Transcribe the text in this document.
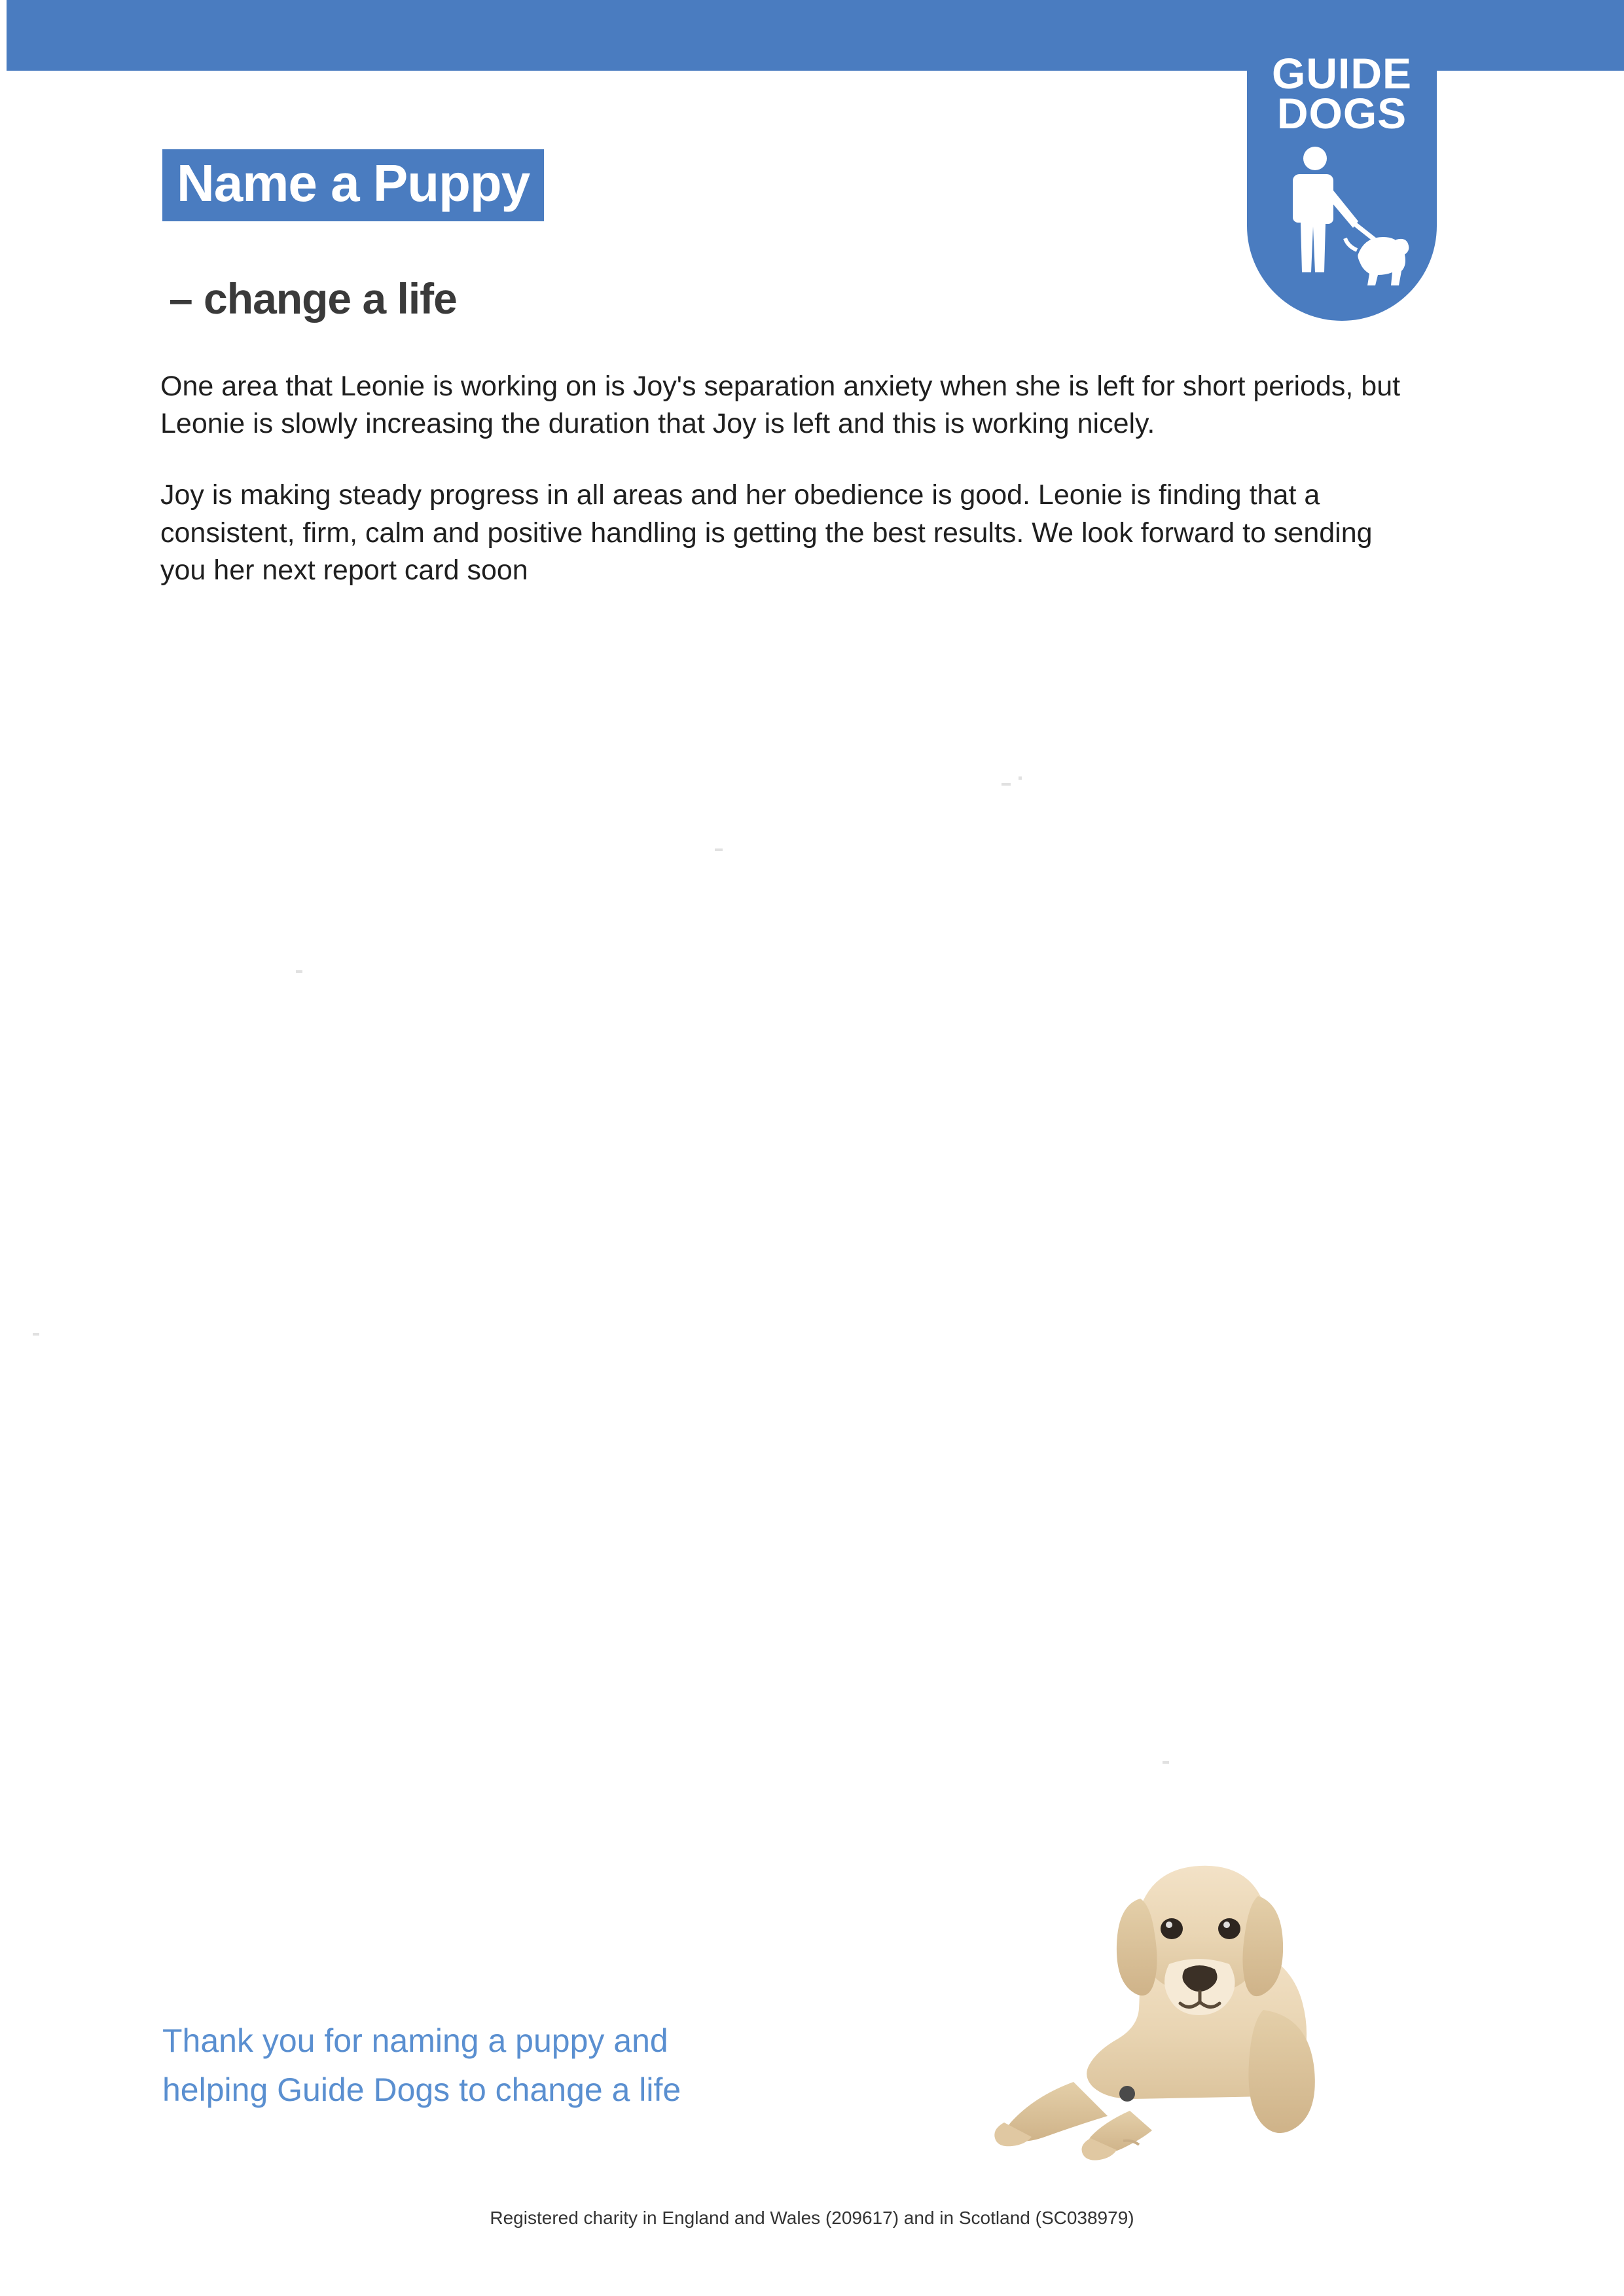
GUIDE
DOGS
Name a Puppy
– change a life

One area that Leonie is working on is Joy's separation anxiety when she is left for short periods, but Leonie is slowly increasing the duration that Joy is left and this is working nicely.

Joy is making steady progress in all areas and her obedience is good. Leonie is finding that a consistent, firm, calm and positive handling is getting the best results. We look forward to sending you her next report card soon

Thank you for naming a puppy and
helping Guide Dogs to change a life
Registered charity in England and Wales (209617) and in Scotland (SC038979)
